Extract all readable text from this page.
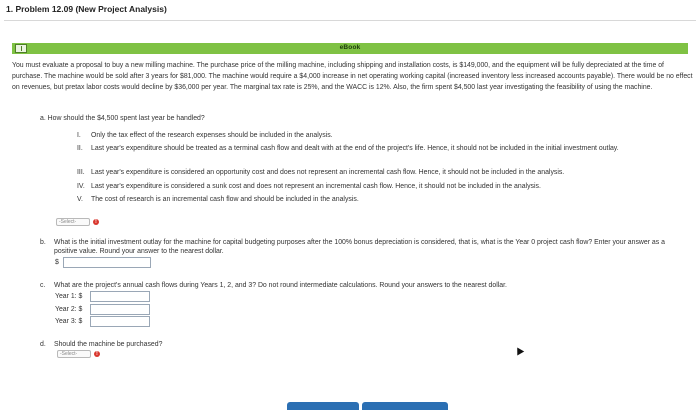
1. Problem 12.09 (New Project Analysis)
eBook
You must evaluate a proposal to buy a new milling machine. The purchase price of the milling machine, including shipping and installation costs, is $149,000, and the equipment will be fully depreciated at the time of purchase. The machine would be sold after 3 years for $81,000. The machine would require a $4,000 increase in net operating working capital (increased inventory less increased accounts payable). There would be no effect on revenues, but pretax labor costs would decline by $36,000 per year. The marginal tax rate is 25%, and the WACC is 12%. Also, the firm spent $4,500 last year investigating the feasibility of using the machine.
a. How should the $4,500 spent last year be handled?
I. Only the tax effect of the research expenses should be included in the analysis.
II. Last year's expenditure should be treated as a terminal cash flow and dealt with at the end of the project's life. Hence, it should not be included in the initial investment outlay.
III. Last year's expenditure is considered an opportunity cost and does not represent an incremental cash flow. Hence, it should not be included in the analysis.
IV. Last year's expenditure is considered a sunk cost and does not represent an incremental cash flow. Hence, it should not be included in the analysis.
V. The cost of research is an incremental cash flow and should be included in the analysis.
-Select-	!
b. What is the initial investment outlay for the machine for capital budgeting purposes after the 100% bonus depreciation is considered, that is, what is the Year 0 project cash flow? Enter your answer as a positive value. Round your answer to the nearest dollar.
$
c. What are the project's annual cash flows during Years 1, 2, and 3? Do not round intermediate calculations. Round your answers to the nearest dollar.
Year 1: $
Year 2: $
Year 3: $
d. Should the machine be purchased?
-Select-	!
